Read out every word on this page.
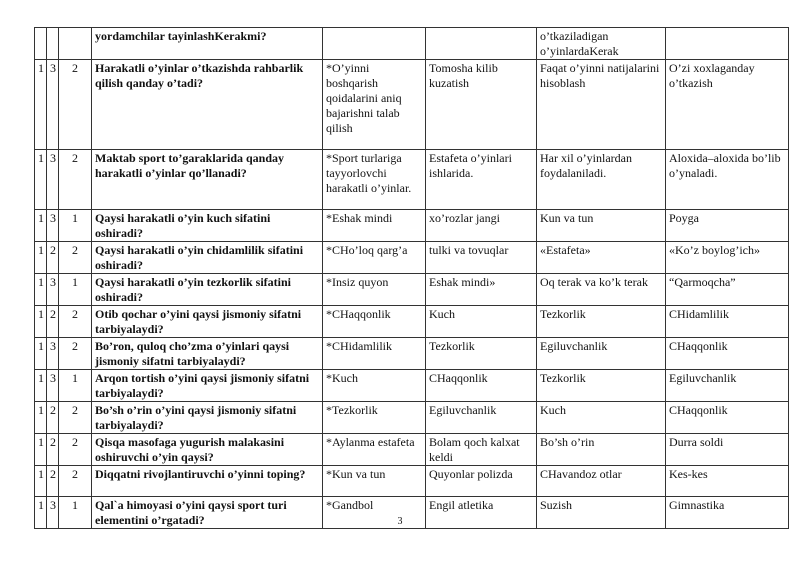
			yordamchilar tayinlashKerakmi?			o’tkaziladigan o’yinlardaKerak	
1	3	2	Harakatli o’yinlar o’tkazishda rahbarlik qilish qanday o’tadi?	*O’yinni boshqarish qoidalarini aniq bajarishni talab qilish	Tomosha kilib kuzatish	Faqat o’yinni natijalarini hisoblash	O’zi xoxlaganday o’tkazish
1	3	2	Maktab sport to’garaklarida qanday harakatli o’yinlar qo’llanadi?	*Sport turlariga tayyorlovchi harakatli o’yinlar.	Estafeta o’yinlari ishlarida.	Har xil o’yinlardan foydalaniladi.	Aloxida–aloxida bo’lib o’ynaladi.
1	3	1	Qaysi harakatli o’yin kuch sifatini oshiradi?	*Eshak mindi	xo’rozlar jangi	Kun va tun	Poyga
1	2	2	Qaysi harakatli o’yin chidamlilik sifatini oshiradi?	*CHo’loq qarg’a	tulki va tovuqlar	«Estafeta»	«Ko’z boylog’ich»
1	3	1	Qaysi harakatli o’yin tezkorlik sifatini oshiradi?	*Insiz quyon	Eshak mindi»	Oq terak va ko’k terak	“Qarmoqcha”
1	2	2	Otib qochar o’yini qaysi jismoniy sifatni tarbiyalaydi?	*CHaqqonlik	Kuch	Tezkorlik	CHidamlilik
1	3	2	Bo’ron, quloq cho’zma o’yinlari qaysi jismoniy sifatni tarbiyalaydi?	*CHidamlilik	Tezkorlik	Egiluvchanlik	CHaqqonlik
1	3	1	Arqon tortish o’yini qaysi jismoniy sifatni tarbiyalaydi?	*Kuch	CHaqqonlik	Tezkorlik	Egiluvchanlik
1	2	2	Bo’sh o’rin o’yini qaysi jismoniy sifatni tarbiyalaydi?	*Tezkorlik	Egiluvchanlik	Kuch	CHaqqonlik
1	2	2	Qisqa masofaga yugurish malakasini oshiruvchi o’yin qaysi?	*Aylanma estafeta	Bolam qoch kalxat keldi	Bo’sh o’rin	Durra soldi
1	2	2	Diqqatni rivojlantiruvchi o’yinni toping?	*Kun va tun	Quyonlar polizda	CHavandoz otlar	Kes-kes
1	3	1	Qal`a himoyasi o’yini qaysi sport turi elementini o’rgatadi?	*Gandbol	Engil atletika	Suzish	Gimnastika
3
